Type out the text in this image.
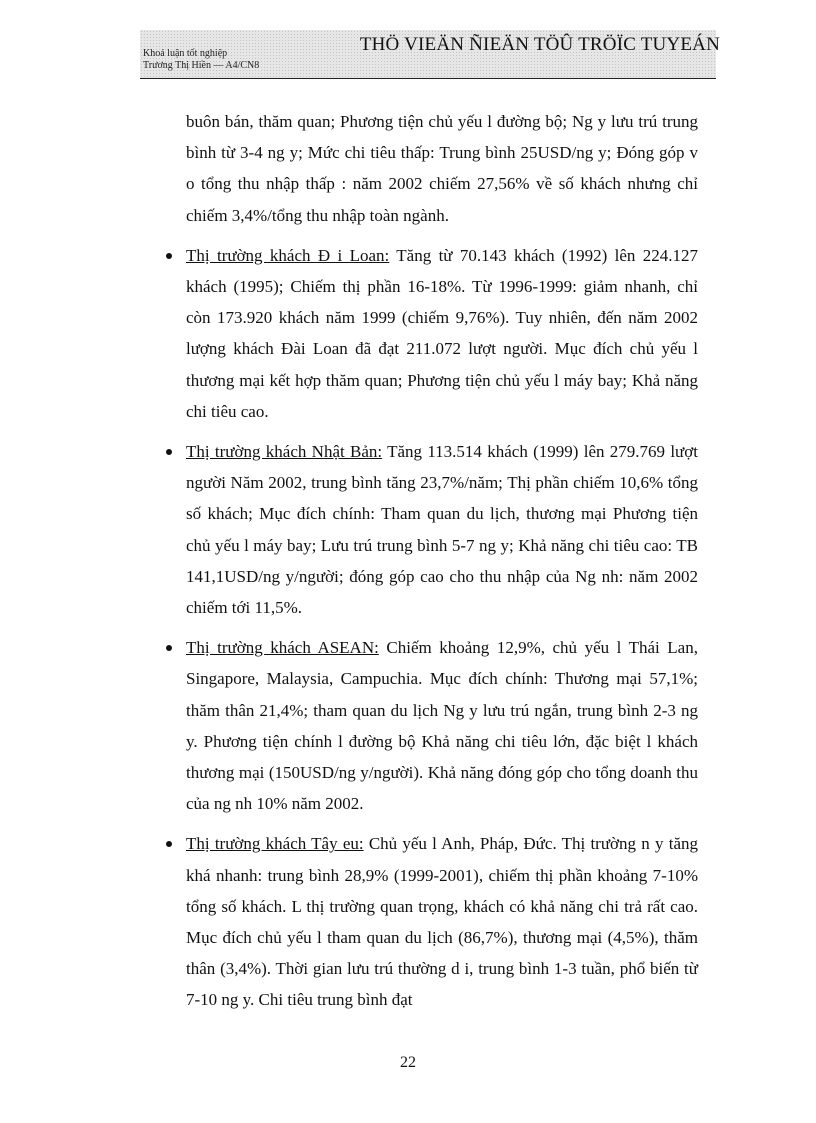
Khoá luận tốt nghiệp
Trương Thị Hiền — A4/CN8
THÖ VIEÄN ÑIEÄN TÖÛ TRÖÏC TUYEÁN

buôn bán, thăm quan; Phương tiện chủ yếu l đường bộ; Ng y lưu trú trung bình từ 3-4 ng y; Mức chi tiêu thấp: Trung bình 25USD/ng y; Đóng góp v o tổng thu nhập thấp : năm 2002 chiếm 27,56% về số khách nhưng chỉ chiếm 3,4%/tổng thu nhập toàn ngành.

Thị trường khách Đ i Loan: Tăng từ 70.143 khách (1992) lên 224.127 khách (1995); Chiếm thị phần 16-18%. Từ 1996-1999: giảm nhanh, chỉ còn 173.920 khách năm 1999 (chiếm 9,76%). Tuy nhiên, đến năm 2002 lượng khách Đài Loan đã đạt 211.072 lượt người. Mục đích chủ yếu l thương mại kết hợp thăm quan; Phương tiện chủ yếu l máy bay; Khả năng chi tiêu cao.

Thị trường khách Nhật Bản: Tăng 113.514 khách (1999) lên 279.769 lượt người Năm 2002, trung bình tăng 23,7%/năm; Thị phần chiếm 10,6% tổng số khách; Mục đích chính: Tham quan du lịch, thương mại Phương tiện chủ yếu l máy bay; Lưu trú trung bình 5-7 ng y; Khả năng chi tiêu cao: TB 141,1USD/ng y/người; đóng góp cao cho thu nhập của Ng nh: năm 2002 chiếm tới 11,5%.

Thị trường khách ASEAN: Chiếm khoảng 12,9%, chủ yếu l Thái Lan, Singapore, Malaysia, Campuchia. Mục đích chính: Thương mại 57,1%; thăm thân 21,4%; tham quan du lịch Ng y lưu trú ngắn, trung bình 2-3 ng y. Phương tiện chính l đường bộ Khả năng chi tiêu lớn, đặc biệt l khách thương mại (150USD/ng y/người). Khả năng đóng góp cho tổng doanh thu của ng nh 10% năm 2002.

Thị trường khách Tây eu: Chủ yếu l Anh, Pháp, Đức. Thị trường n y tăng khá nhanh: trung bình 28,9% (1999-2001), chiếm thị phần khoảng 7-10% tổng số khách. L thị trường quan trọng, khách có khả năng chi trả rất cao. Mục đích chủ yếu l tham quan du lịch (86,7%), thương mại (4,5%), thăm thân (3,4%). Thời gian lưu trú thường d i, trung bình 1-3 tuần, phổ biến từ 7-10 ng y. Chi tiêu trung bình đạt

22
